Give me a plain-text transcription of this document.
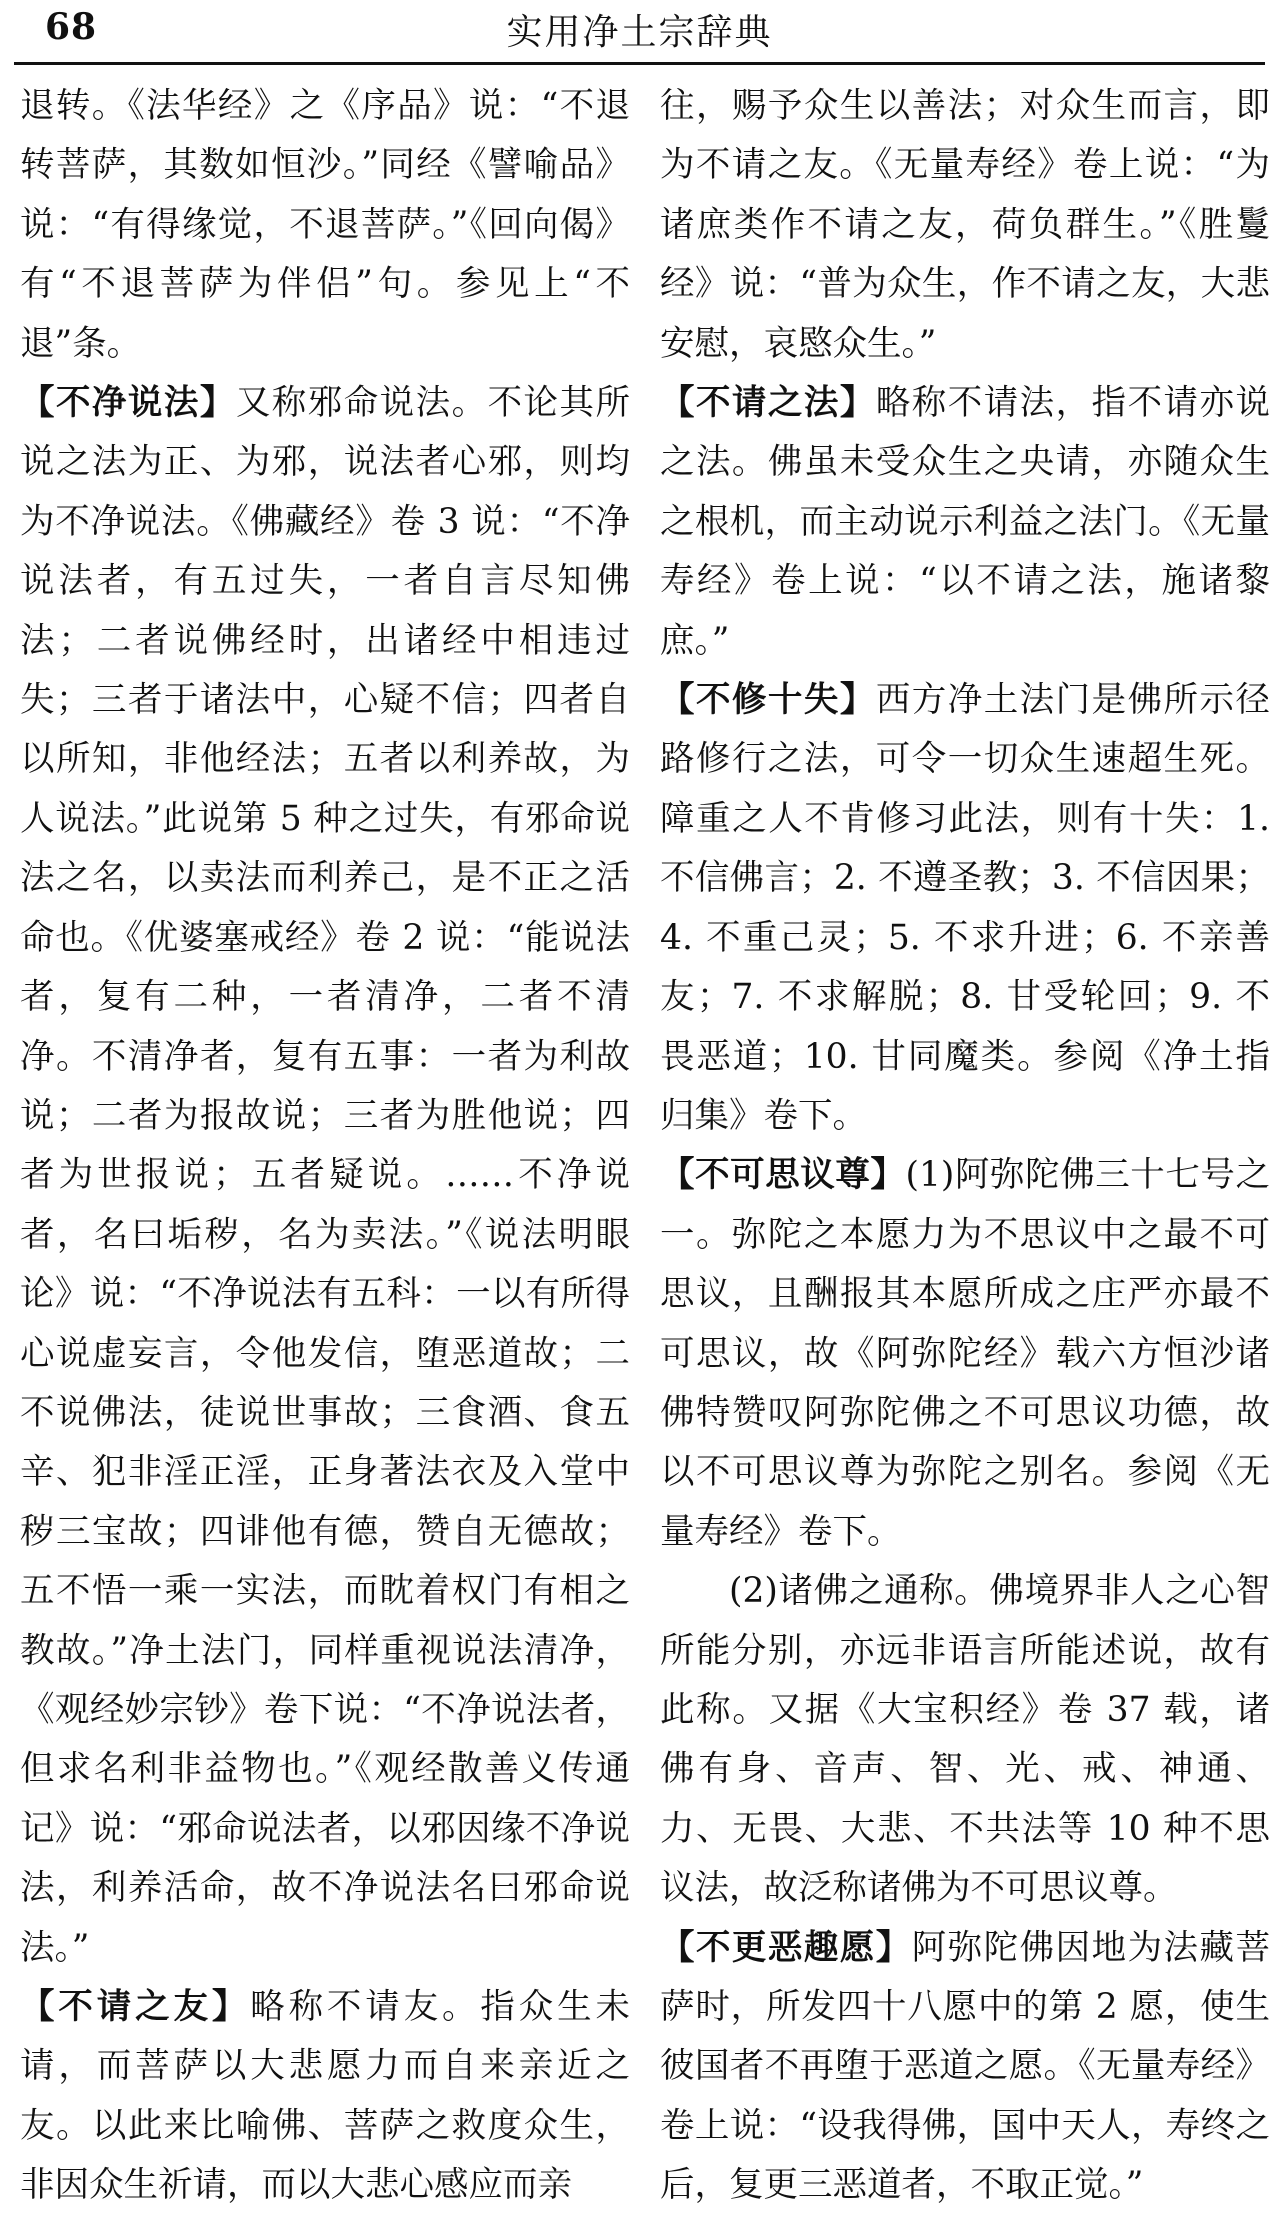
68	实用净土宗辞典

退转。《法华经》之《序品》说：“不退转菩萨，其数如恒沙。”同经《譬喻品》说：“有得缘觉，不退菩萨。”《回向偈》有“不退菩萨为伴侣”句。参见上“不退”条。

【不净说法】又称邪命说法。不论其所说之法为正、为邪，说法者心邪，则均为不净说法。《佛藏经》卷 3 说：“不净说法者，有五过失，一者自言尽知佛法；二者说佛经时，出诸经中相违过失；三者于诸法中，心疑不信；四者自以所知，非他经法；五者以利养故，为人说法。”此说第 5 种之过失，有邪命说法之名，以卖法而利养己，是不正之活命也。《优婆塞戒经》卷 2 说：“能说法者，复有二种，一者清净，二者不清净。不清净者，复有五事：一者为利故说；二者为报故说；三者为胜他说；四者为世报说；五者疑说。……不净说者，名曰垢秽，名为卖法。”《说法明眼论》说：“不净说法有五科：一以有所得心说虚妄言，令他发信，堕恶道故；二不说佛法，徒说世事故；三食酒、食五辛、犯非淫正淫，正身著法衣及入堂中秽三宝故；四诽他有德，赞自无德故；五不悟一乘一实法，而眈着权门有相之教故。”净土法门，同样重视说法清净，《观经妙宗钞》卷下说：“不净说法者，但求名利非益物也。”《观经散善义传通记》说：“邪命说法者，以邪因缘不净说法，利养活命，故不净说法名曰邪命说法。”

【不请之友】略称不请友。指众生未请，而菩萨以大悲愿力而自来亲近之友。以此来比喻佛、菩萨之救度众生，非因众生祈请，而以大悲心感应而亲

往，赐予众生以善法；对众生而言，即为不请之友。《无量寿经》卷上说：“为诸庶类作不请之友，荷负群生。”《胜鬘经》说：“普为众生，作不请之友，大悲安慰，哀愍众生。”

【不请之法】略称不请法，指不请亦说之法。佛虽未受众生之央请，亦随众生之根机，而主动说示利益之法门。《无量寿经》卷上说：“以不请之法，施诸黎庶。”

【不修十失】西方净土法门是佛所示径路修行之法，可令一切众生速超生死。障重之人不肯修习此法，则有十失：1. 不信佛言；2. 不遵圣教；3. 不信因果；4. 不重己灵；5. 不求升进；6. 不亲善友；7. 不求解脱；8. 甘受轮回；9. 不畏恶道；10. 甘同魔类。参阅《净土指归集》卷下。

【不可思议尊】(1)阿弥陀佛三十七号之一。弥陀之本愿力为不思议中之最不可思议，且酬报其本愿所成之庄严亦最不可思议，故《阿弥陀经》载六方恒沙诸佛特赞叹阿弥陀佛之不可思议功德，故以不可思议尊为弥陀之别名。参阅《无量寿经》卷下。

(2)诸佛之通称。佛境界非人之心智所能分别，亦远非语言所能述说，故有此称。又据《大宝积经》卷 37 载，诸佛有身、音声、智、光、戒、神通、力、无畏、大悲、不共法等 10 种不思议法，故泛称诸佛为不可思议尊。

【不更恶趣愿】阿弥陀佛因地为法藏菩萨时，所发四十八愿中的第 2 愿，使生彼国者不再堕于恶道之愿。《无量寿经》卷上说：“设我得佛，国中天人，寿终之后，复更三恶道者，不取正觉。”
